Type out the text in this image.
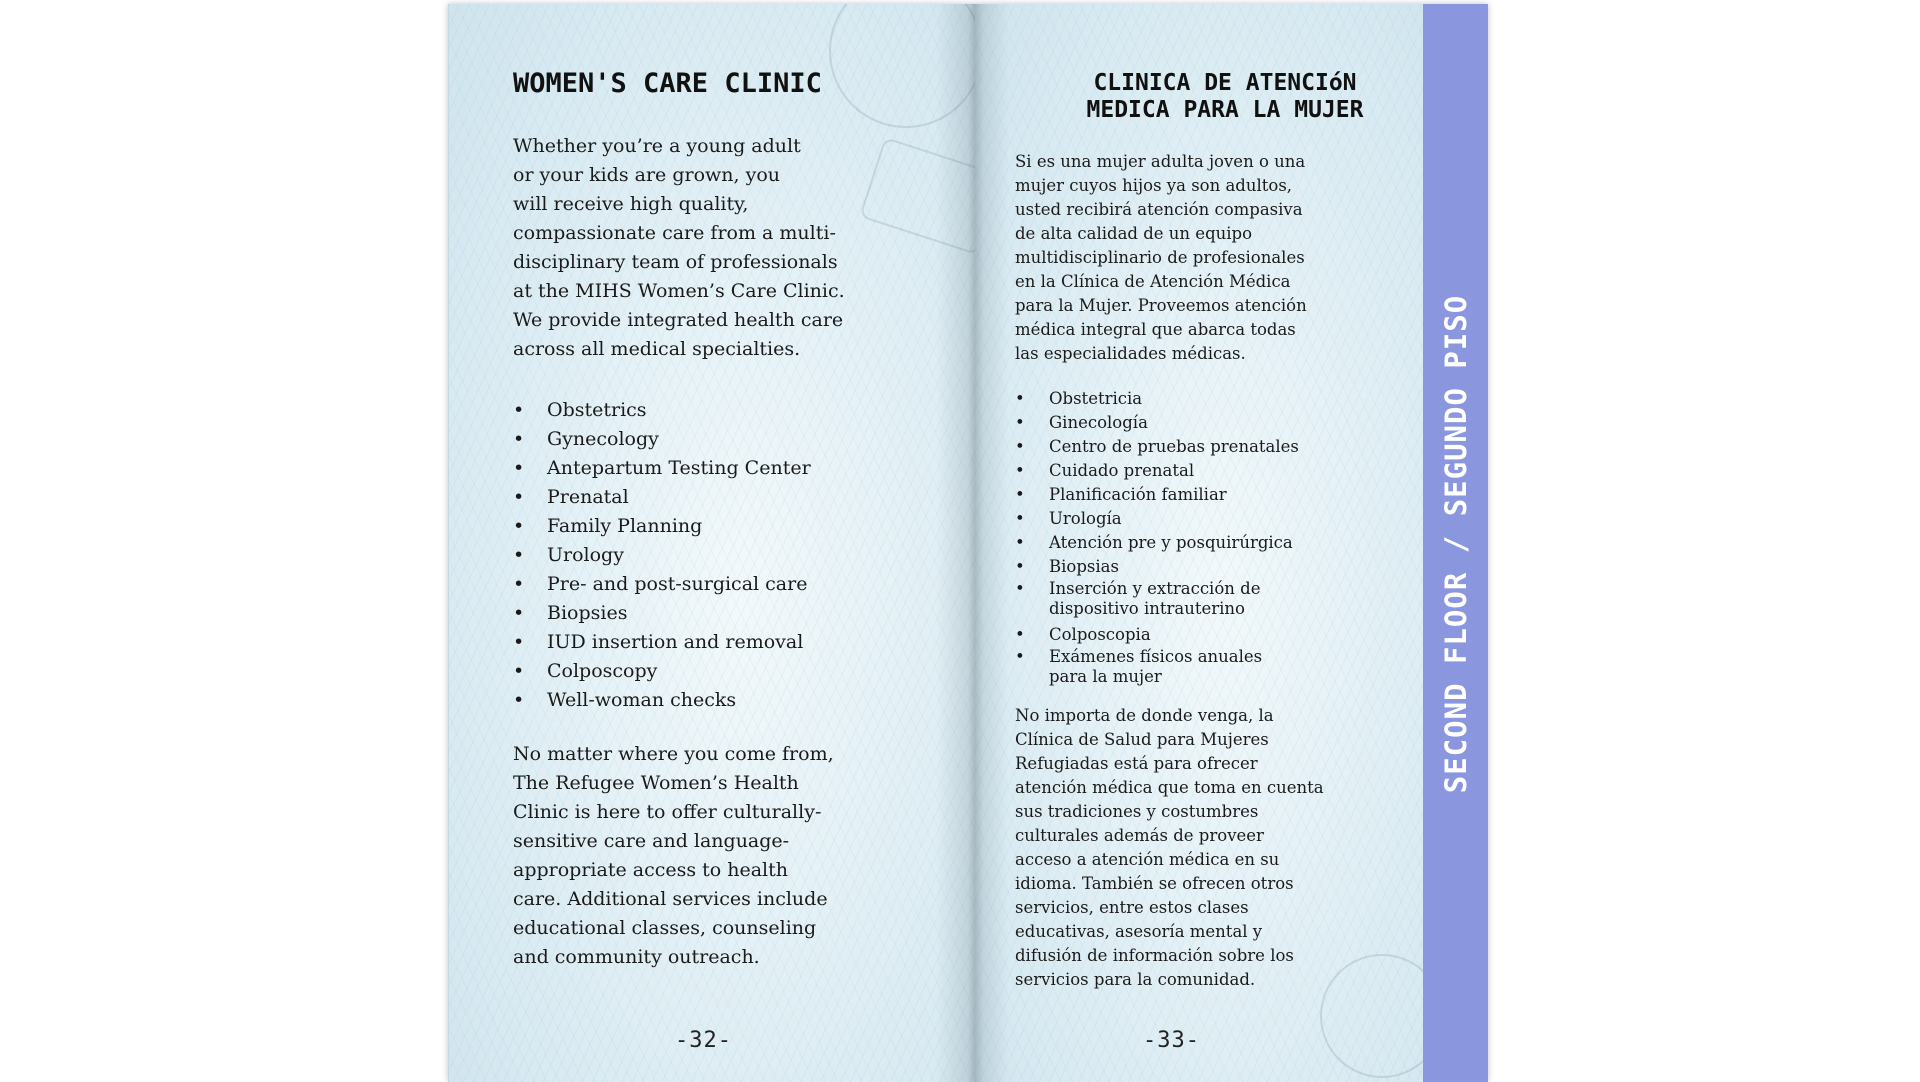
WOMEN'S CARE CLINIC

Whether you’re a young adult
or your kids are grown, you
will receive high quality,
compassionate care from a multi-
disciplinary team of professionals
at the MIHS Women’s Care Clinic.
We provide integrated health care
across all medical specialties.

• Obstetrics
• Gynecology
• Antepartum Testing Center
• Prenatal
• Family Planning
• Urology
• Pre- and post-surgical care
• Biopsies
• IUD insertion and removal
• Colposcopy
• Well-woman checks

No matter where you come from,
The Refugee Women’s Health
Clinic is here to offer culturally-
sensitive care and language-
appropriate access to health
care. Additional services include
educational classes, counseling
and community outreach.

-32-
CLINICA DE ATENCIóN
MEDICA PARA LA MUJER

Si es una mujer adulta joven o una
mujer cuyos hijos ya son adultos,
usted recibirá atención compasiva
de alta calidad de un equipo
multidisciplinario de profesionales
en la Clínica de Atención Médica
para la Mujer. Proveemos atención
médica integral que abarca todas
las especialidades médicas.

• Obstetricia
• Ginecología
• Centro de pruebas prenatales
• Cuidado prenatal
• Planificación familiar
• Urología
• Atención pre y posquirúrgica
• Biopsias
• Inserción y extracción de
dispositivo intrauterino
• Colposcopia
• Exámenes físicos anuales
para la mujer

No importa de donde venga, la
Clínica de Salud para Mujeres
Refugiadas está para ofrecer
atención médica que toma en cuenta
sus tradiciones y costumbres
culturales además de proveer
acceso a atención médica en su
idioma. También se ofrecen otros
servicios, entre estos clases
educativas, asesoría mental y
difusión de información sobre los
servicios para la comunidad.

-33-
SECOND FLOOR / SEGUNDO PISO
